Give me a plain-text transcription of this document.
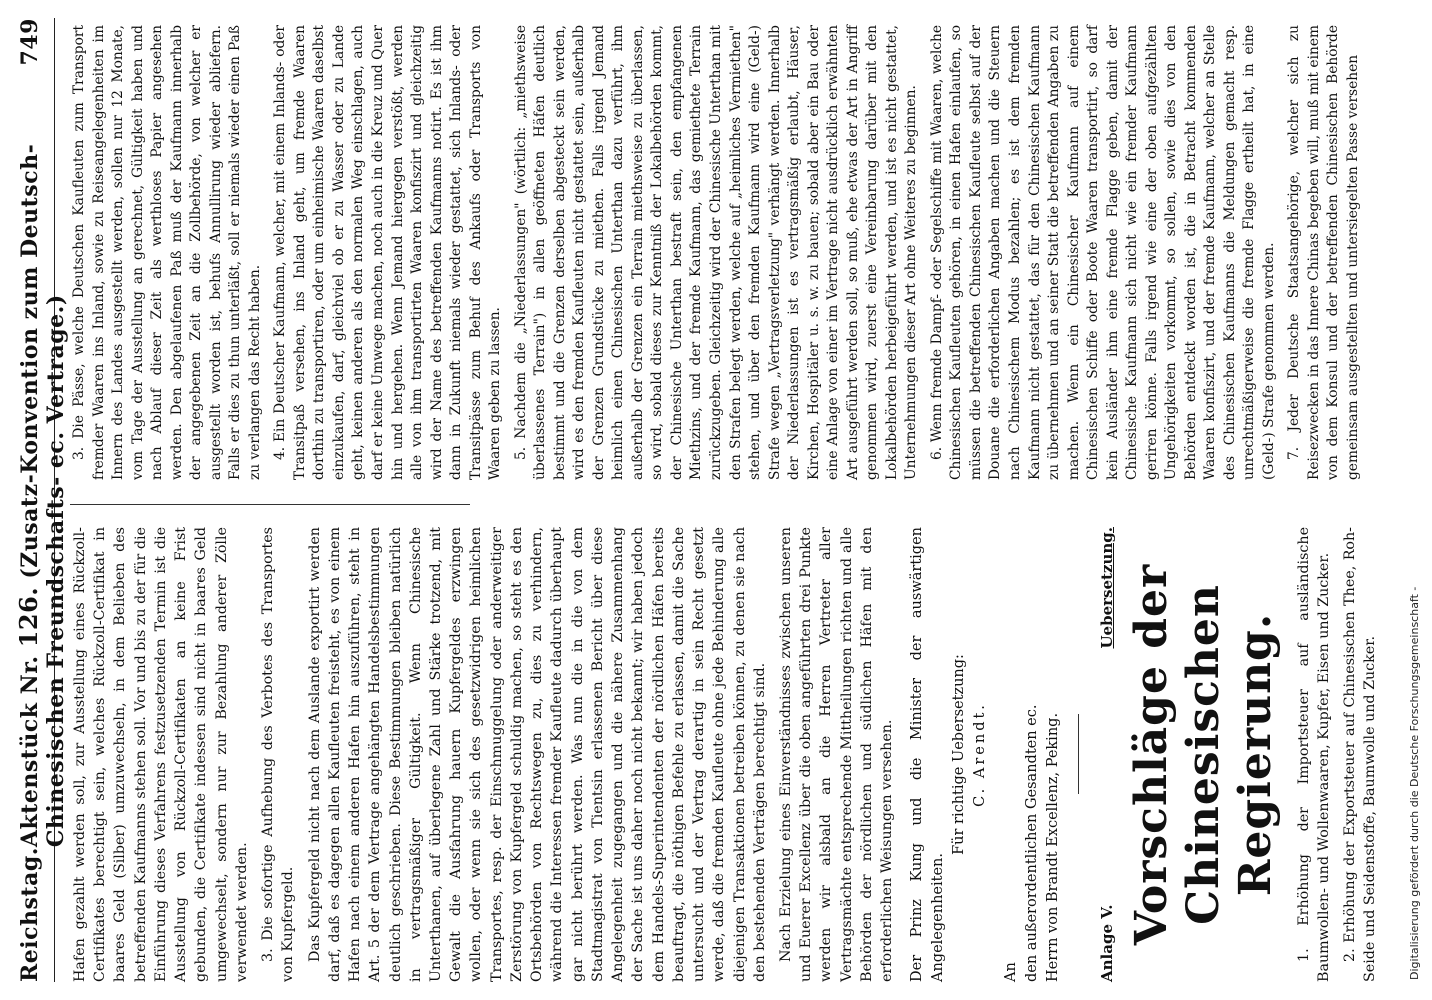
Reichstag.
Aktenstück Nr. 126. (Zusatz-Konvention zum Deutsch-Chinesischen Freundschafts- ec. Vertrage.)
749

Hafen gezahlt werden soll, zur Ausstellung eines Rückzoll-Certifikates berechtigt sein, welches Rückzoll-Certifikat in baares Geld (Silber) umzuwechseln, in dem Belieben des betreffenden Kaufmanns stehen soll. Vor und bis zu der für die Einführung dieses Verfahrens festzusetzenden Termin ist die Ausstellung von Rückzoll-Certifikaten an keine Frist gebunden, die Certifikate indessen sind nicht in baares Geld umgewechselt, sondern nur zur Bezahlung anderer Zölle verwendet werden. 3. Die sofortige Aufhebung des Verbotes des Transportes von Kupfergeld. Das Kupfergeld nicht nach dem Auslande exportirt werden darf, daß es dagegen allen Kaufleuten freisteht, es von einem Hafen nach einem anderen Hafen hin auszuführen, steht in Art. 5 der dem Vertrage angehängten Handelsbestimmungen deutlich geschrieben. Diese Bestimmungen bleiben natürlich in vertragsmäßiger Gültigkeit. Wenn Chinesische Unterthanen, auf überlegene Zahl und Stärke trotzend, mit Gewalt die Ausfahrung hauern Kupfergeldes erzwingen wollen, oder wenn sie sich des gesetzwidrigen heimlichen Transportes, resp. der Einschmuggelung oder anderweitiger Zerstörung von Kupfergeld schuldig machen, so steht es den Ortsbehörden von Rechtswegen zu, dies zu verhindern, während die Interessen fremder Kaufleute dadurch überhaupt gar nicht berührt werden. Was nun die in die von dem Stadtmagistrat von Tientsin erlassenen Bericht über diese Angelegenheit zugegangen und die nähere Zusammenhang der Sache ist uns daher noch nicht bekannt; wir haben jedoch dem Handels-Superintendenten der nördlichen Häfen bereits beauftragt, die nöthigen Befehle zu erlassen, damit die Sache untersucht und der Vertrag derartig in sein Recht gesetzt werde, daß die fremden Kaufleute ohne jede Behinderung alle diejenigen Transaktionen betreiben können, zu denen sie nach den bestehenden Verträgen berechtigt sind. Nach Erzielung eines Einverständnisses zwischen unseren und Euerer Excellenz über die oben angeführten drei Punkte werden wir alsbald an die Herren Vertreter aller Vertragsmächte entsprechende Mittheilungen richten und alle Behörden der nördlichen und südlichen Häfen mit den erforderlichen Weisungen versehen. Der Prinz Kung und die Minister der auswärtigen Angelegenheiten.
Für richtige Uebersetzung: C. Arendt.
An den außerordentlichen Gesandten ec. Herrn von Brandt Excellenz, Peking. Anlage V.
Uebersetzung. Vorschläge der Chinesischen Regierung. 1. Erhöhung der Importsteuer auf ausländische Baumwollen- und Wollenwaaren, Kupfer, Eisen und Zucker. 2. Erhöhung der Exportsteuer auf Chinesischen Thee, Roh-Seide und Seidenstoffe, Baumwolle und Zucker.

3. Die Pässe, welche Deutschen Kaufleuten zum Transport fremder Waaren ins Inland, sowie zu Reiseangelegenheiten im Innern des Landes ausgestellt werden, sollen nur 12 Monate, vom Tage der Ausstellung an gerechnet, Gültigkeit haben und nach Ablauf dieser Zeit als werthloses Papier angesehen werden. Den abgelaufenen Paß muß der Kaufmann innerhalb der angegebenen Zeit an die Zollbehörde, von welcher er ausgestellt worden ist, behufs Annullirung wieder abliefern. Falls er dies zu thun unterläßt, soll er niemals wieder einen Paß zu verlangen das Recht haben. 4. Ein Deutscher Kaufmann, welcher, mit einem Inlands- oder Transitpaß versehen, ins Inland geht, um fremde Waaren dorthin zu transportiren, oder um einheimische Waaren daselbst einzukaufen, darf, gleichviel ob er zu Wasser oder zu Lande geht, keinen anderen als den normalen Weg einschlagen, auch darf er keine Umwege machen, noch auch in die Kreuz und Quer hin und hergehen. Wenn Jemand hiergegen verstößt, werden alle von ihm transportirten Waaren konfiszirt und gleichzeitig wird der Name des betreffenden Kaufmanns notirt. Es ist ihm dann in Zukunft niemals wieder gestattet, sich Inlands- oder Transitpässe zum Behuf des Ankaufs oder Transports von Waaren geben zu lassen. 5. Nachdem die „Niederlassungen" (wörtlich: „miethsweise überlassenes Terrain") in allen geöffneten Häfen deutlich bestimmt und die Grenzen derselben abgesteckt sein werden, wird es den fremden Kaufleuten nicht gestattet sein, außerhalb der Grenzen Grundstücke zu miethen. Falls irgend Jemand heimlich einen Chinesischen Unterthan dazu verführt, ihm außerhalb der Grenzen ein Terrain miethsweise zu überlassen, so wird, sobald dieses zur Kenntniß der Lokalbehörden kommt, der Chinesische Unterthan bestraft sein, den empfangenen Miethzins, und der fremde Kaufmann, das gemiethete Terrain zurückzugeben. Gleichzeitig wird der Chinesische Unterthan mit den Strafen belegt werden, welche auf „heimliches Vermiethen" stehen, und über den fremden Kaufmann wird eine (Geld-) Strafe wegen „Vertragsverletzung" verhängt werden. Innerhalb der Niederlassungen ist es vertragsmäßig erlaubt, Häuser, Kirchen, Hospitäler u. s. w. zu bauen; sobald aber ein Bau oder eine Anlage von einer im Vertrage nicht ausdrücklich erwähnten Art ausgeführt werden soll, so muß, ehe etwas der Art in Angriff genommen wird, zuerst eine Vereinbarung darüber mit den Lokalbehörden herbeigeführt werden, und ist es nicht gestattet, Unternehmungen dieser Art ohne Weiteres zu beginnen. 6. Wenn fremde Dampf- oder Segelschiffe mit Waaren, welche Chinesischen Kaufleuten gehören, in einen Hafen einlaufen, so müssen die betreffenden Chinesischen Kaufleute selbst auf der Douane die erforderlichen Angaben machen und die Steuern nach Chinesischem Modus bezahlen; es ist dem fremden Kaufmann nicht gestattet, das für den Chinesischen Kaufmann zu übernehmen und an seiner Statt die betreffenden Angaben zu machen. Wenn ein Chinesischer Kaufmann auf einem Chinesischen Schiffe oder Boote Waaren transportirt, so darf kein Ausländer ihm eine fremde Flagge geben, damit der Chinesische Kaufmann sich nicht wie ein fremder Kaufmann geriren könne. Falls irgend wie eine der oben aufgezählten Ungehörigkeiten vorkommt, so sollen, sowie dies von den Behörden entdeckt worden ist, die in Betracht kommenden Waaren konfiszirt, und der fremde Kaufmann, welcher an Stelle des Chinesischen Kaufmanns die Meldungen gemacht resp. unrechtmäßigerweise die fremde Flagge ertheilt hat, in eine (Geld-) Strafe genommen werden. 7. Jeder Deutsche Staatsangehörige, welcher sich zu Reisezwecken in das Innere Chinas begeben will, muß mit einem von dem Konsul und der betreffenden Chinesischen Behörde gemeinsam ausgestellten und untersiegelten Passe versehen

Digitalisierung gefördert durch die Deutsche Forschungsgemeinschaft -
